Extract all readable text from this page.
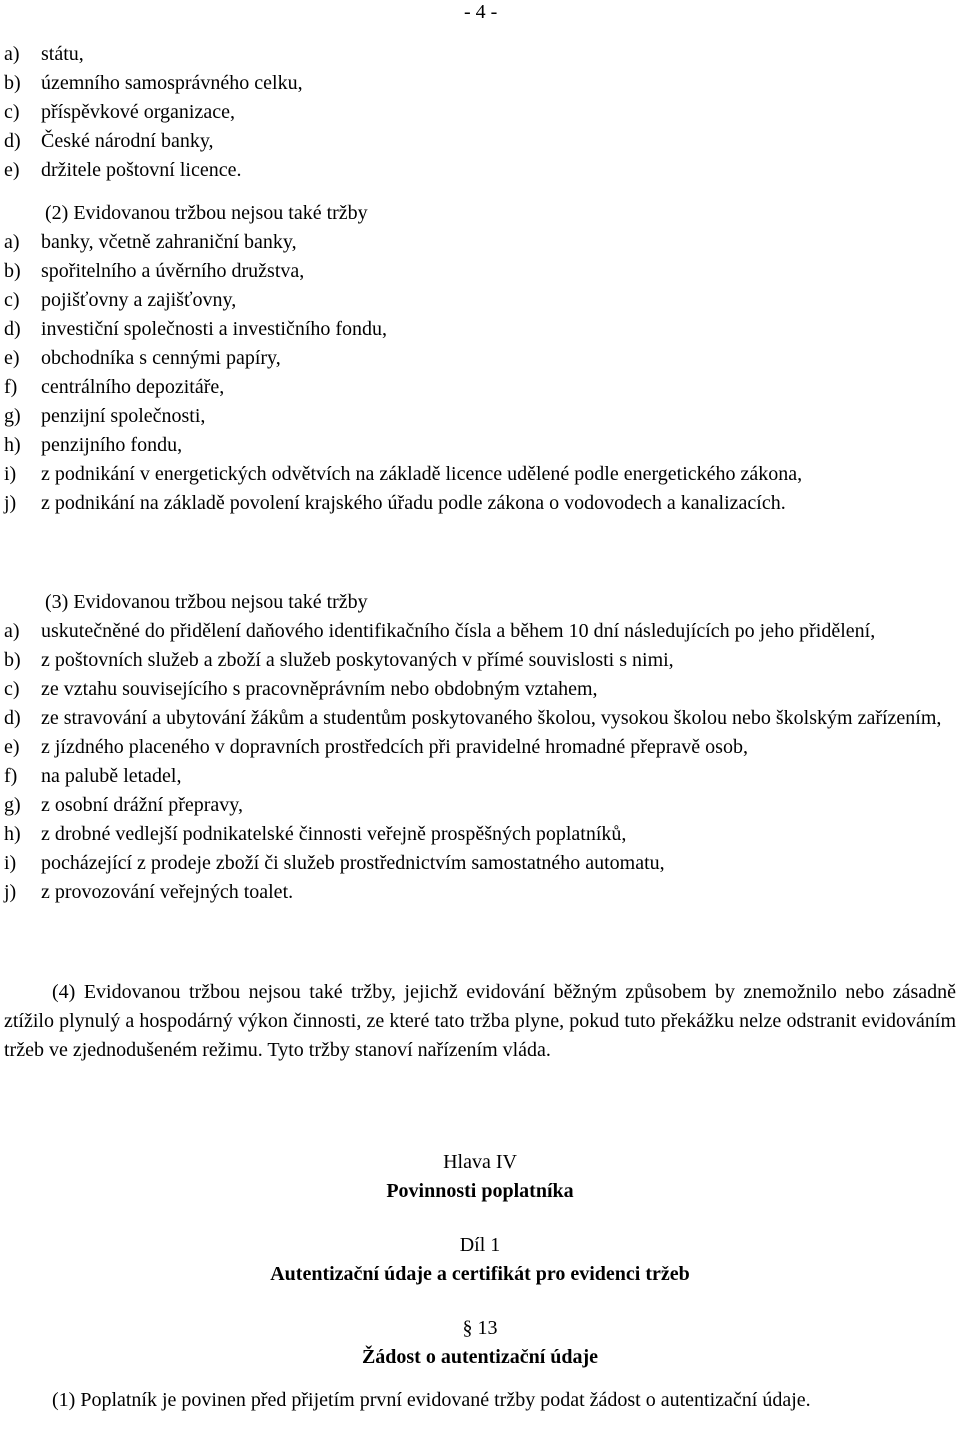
- 4 -
a)	státu,
b)	územního samosprávného celku,
c)	příspěvkové organizace,
d)	České národní banky,
e)	držitele poštovní licence.
(2) Evidovanou tržbou nejsou také tržby
a)	banky, včetně zahraniční banky,
b)	spořitelního a úvěrního družstva,
c)	pojišťovny a zajišťovny,
d)	investiční společnosti a investičního fondu,
e)	obchodníka s cennými papíry,
f)	centrálního depozitáře,
g)	penzijní společnosti,
h)	penzijního fondu,
i)	z podnikání v energetických odvětvích na základě licence udělené podle energetického zákona,
j)	z podnikání na základě povolení krajského úřadu podle zákona o vodovodech a kanalizacích.
(3) Evidovanou tržbou nejsou také tržby
a)	uskutečněné do přidělení daňového identifikačního čísla a během 10 dní následujících po jeho přidělení,
b)	z poštovních služeb a zboží a služeb poskytovaných v přímé souvislosti s nimi,
c)	ze vztahu souvisejícího s pracovněprávním nebo obdobným vztahem,
d)	ze stravování a ubytování žákům a studentům poskytovaného školou, vysokou školou nebo školským zařízením,
e)	z jízdného placeného v dopravních prostředcích při pravidelné hromadné přepravě osob,
f)	na palubě letadel,
g)	z osobní drážní přepravy,
h)	z drobné vedlejší podnikatelské činnosti veřejně prospěšných poplatníků,
i)	pocházející z prodeje zboží či služeb prostřednictvím samostatného automatu,
j)	z provozování veřejných toalet.
(4) Evidovanou tržbou nejsou také tržby, jejichž evidování běžným způsobem by znemožnilo nebo zásadně ztížilo plynulý a hospodárný výkon činnosti, ze které tato tržba plyne, pokud tuto překážku nelze odstranit evidováním tržeb ve zjednodušeném režimu. Tyto tržby stanoví nařízením vláda.
Hlava IV
Povinnosti poplatníka
Díl 1
Autentizační údaje a certifikát pro evidenci tržeb
§ 13
Žádost o autentizační údaje
(1) Poplatník je povinen před přijetím první evidované tržby podat žádost o autentizační údaje.
